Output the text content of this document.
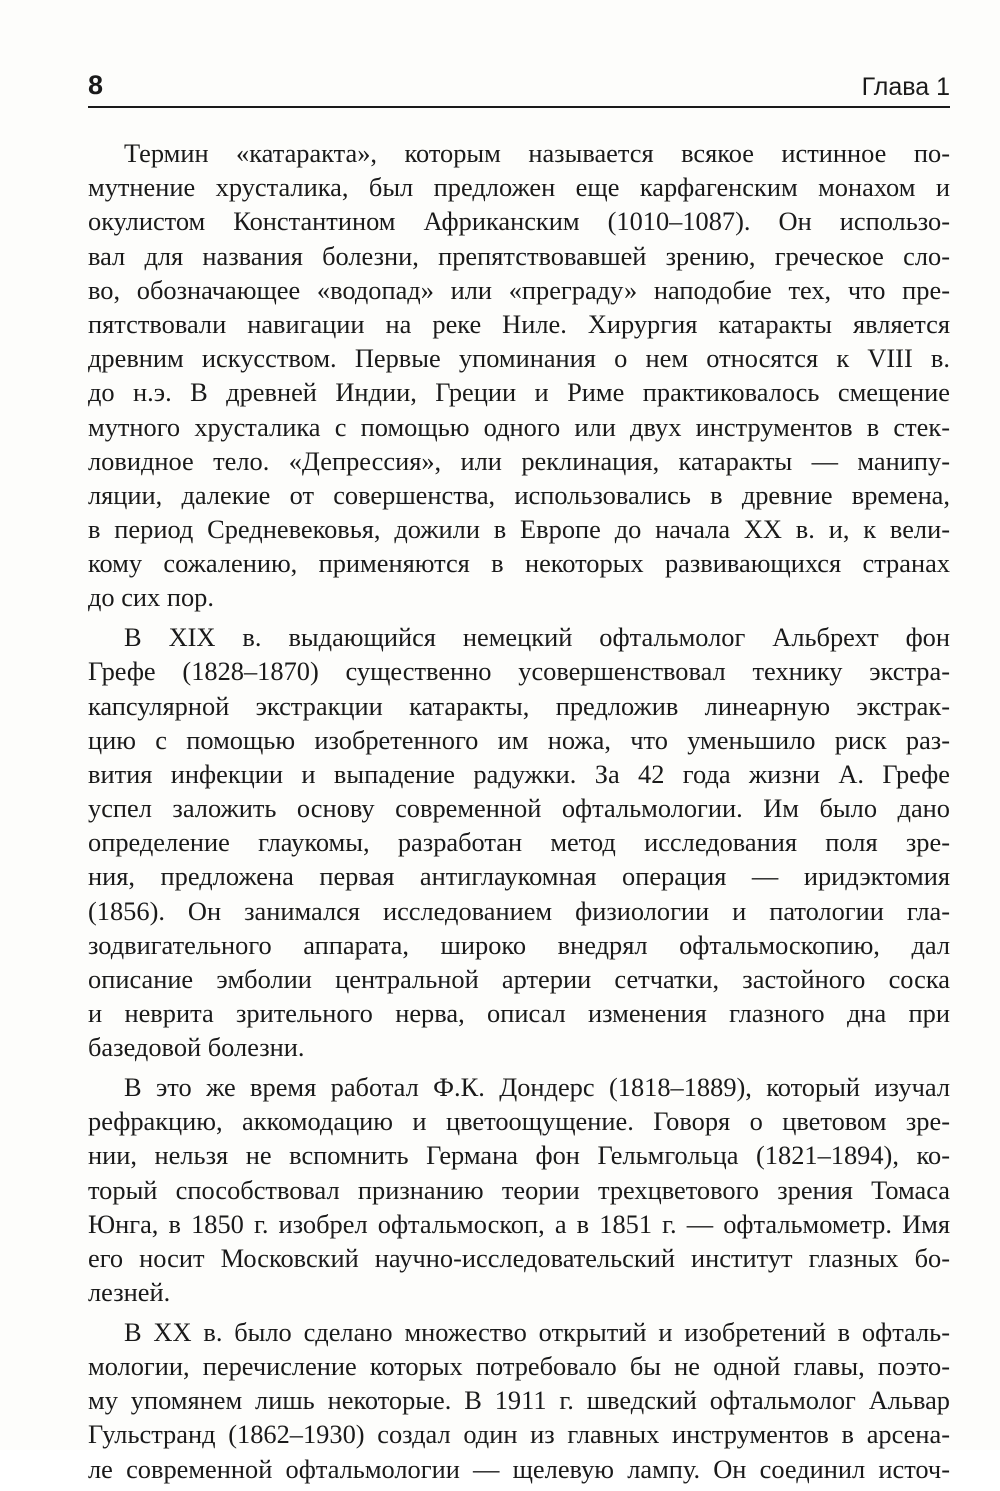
8	Глава 1
Термин «катаракта», которым называется всякое истинное по-
мутнение хрусталика, был предложен еще карфагенским монахом и
окулистом Константином Африканским (1010–1087). Он использо-
вал для названия болезни, препятствовавшей зрению, греческое сло-
во, обозначающее «водопад» или «преграду» наподобие тех, что пре-
пятствовали навигации на реке Ниле. Хирургия катаракты является
древним искусством. Первые упоминания о нем относятся к VIII в.
до н.э. В древней Индии, Греции и Риме практиковалось смещение
мутного хрусталика с помощью одного или двух инструментов в стек-
ловидное тело. «Депрессия», или реклинация, катаракты — манипу-
ляции, далекие от совершенства, использовались в древние времена,
в период Средневековья, дожили в Европе до начала XX в. и, к вели-
кому сожалению, применяются в некоторых развивающихся странах
до сих пор.
В XIX в. выдающийся немецкий офтальмолог Альбрехт фон
Грефе (1828–1870) существенно усовершенствовал технику экстра-
капсулярной экстракции катаракты, предложив линеарную экстрак-
цию с помощью изобретенного им ножа, что уменьшило риск раз-
вития инфекции и выпадение радужки. За 42 года жизни А. Грефе
успел заложить основу современной офтальмологии. Им было дано
определение глаукомы, разработан метод исследования поля зре-
ния, предложена первая антиглаукомная операция — иридэктомия
(1856). Он занимался исследованием физиологии и патологии гла-
зодвигательного аппарата, широко внедрял офтальмоскопию, дал
описание эмболии центральной артерии сетчатки, застойного соска
и неврита зрительного нерва, описал изменения глазного дна при
базедовой болезни.
В это же время работал Ф.К. Дондерс (1818–1889), который изучал
рефракцию, аккомодацию и цветоощущение. Говоря о цветовом зре-
нии, нельзя не вспомнить Германа фон Гельмгольца (1821–1894), ко-
торый способствовал признанию теории трехцветового зрения Томаса
Юнга, в 1850 г. изобрел офтальмоскоп, а в 1851 г. — офтальмометр. Имя
его носит Московский научно-исследовательский институт глазных бо-
лезней.
В XX в. было сделано множество открытий и изобретений в офталь-
мологии, перечисление которых потребовало бы не одной главы, поэто-
му упомянем лишь некоторые. В 1911 г. шведский офтальмолог Альвар
Гульстранд (1862–1930) создал один из главных инструментов в арсена-
ле современной офтальмологии — щелевую лампу. Он соединил источ-
